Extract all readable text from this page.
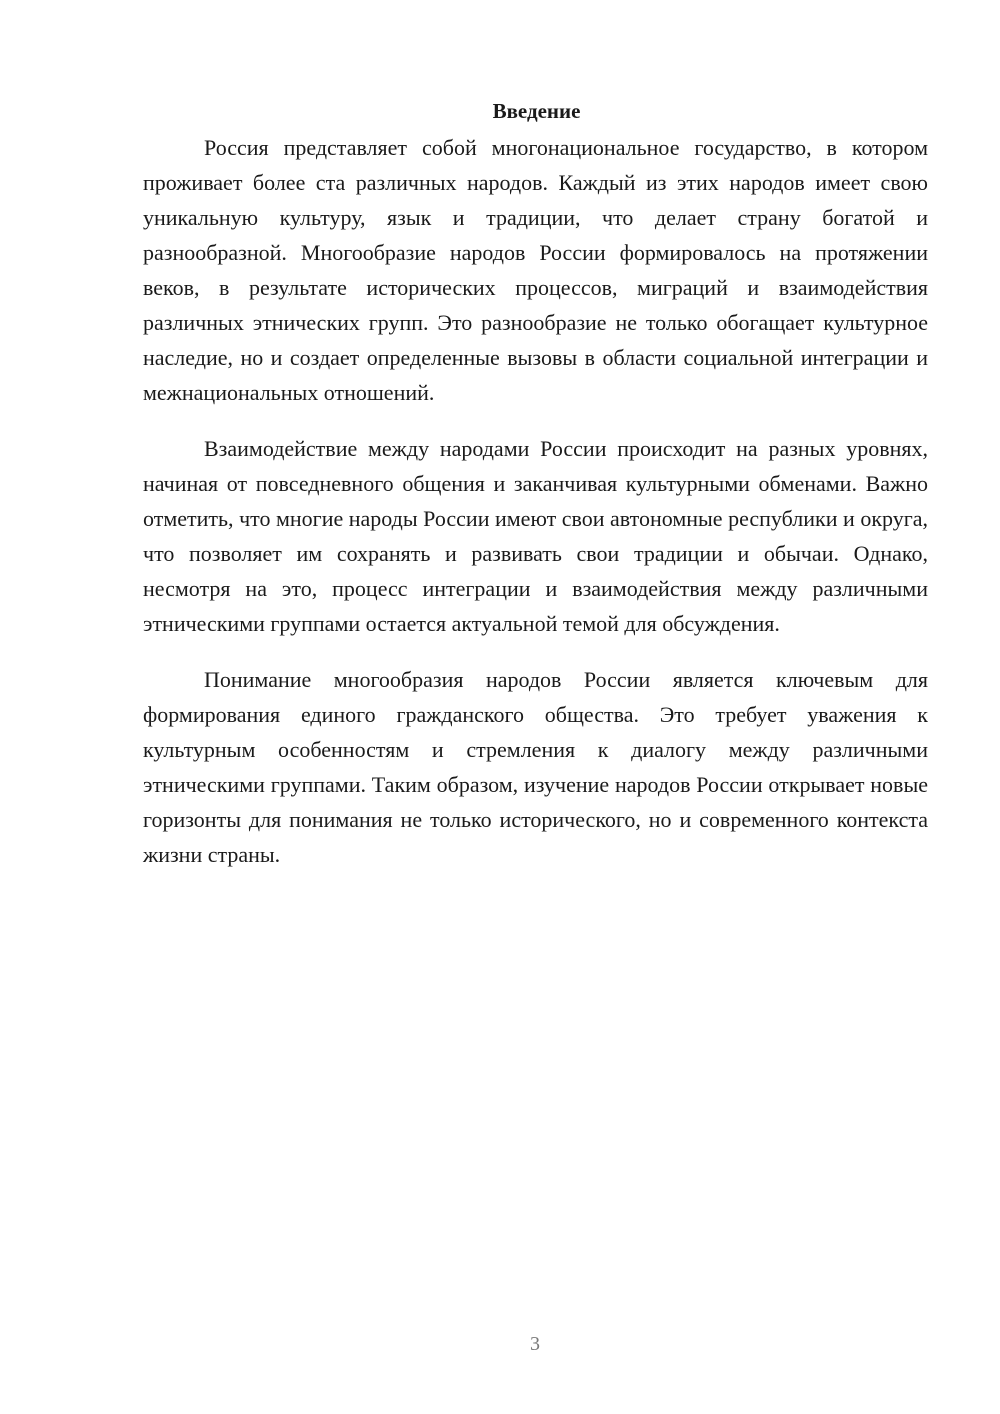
Введение

Россия представляет собой многонациональное государство, в котором проживает более ста различных народов. Каждый из этих народов имеет свою уникальную культуру, язык и традиции, что делает страну богатой и разнообразной. Многообразие народов России формировалось на протяжении веков, в результате исторических процессов, миграций и взаимодействия различных этнических групп. Это разнообразие не только обогащает культурное наследие, но и создает определенные вызовы в области социальной интеграции и межнациональных отношений.

Взаимодействие между народами России происходит на разных уровнях, начиная от повседневного общения и заканчивая культурными обменами. Важно отметить, что многие народы России имеют свои автономные республики и округа, что позволяет им сохранять и развивать свои традиции и обычаи. Однако, несмотря на это, процесс интеграции и взаимодействия между различными этническими группами остается актуальной темой для обсуждения.

Понимание многообразия народов России является ключевым для формирования единого гражданского общества. Это требует уважения к культурным особенностям и стремления к диалогу между различными этническими группами. Таким образом, изучение народов России открывает новые горизонты для понимания не только исторического, но и современного контекста жизни страны.

3
